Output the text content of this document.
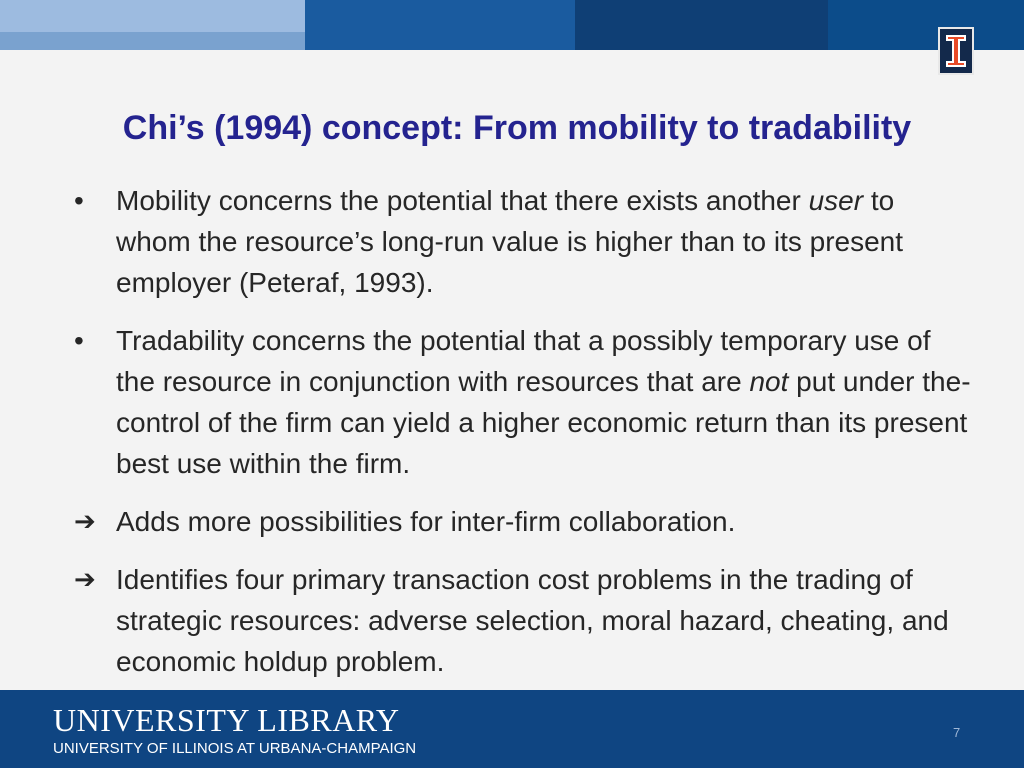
Chi’s (1994) concept: From mobility to tradability
•	Mobility concerns the potential that there exists another user to whom the resource’s long-run value is higher than to its present employer (Peteraf, 1993).
•	Tradability concerns the potential that a possibly temporary use of the resource in conjunction with resources that are not put under the-control of the firm can yield a higher economic return than its present best use within the firm.
➔ Adds more possibilities for inter-firm collaboration.
➔ Identifies four primary transaction cost problems in the trading of strategic resources: adverse selection, moral hazard, cheating, and economic holdup problem.
UNIVERSITY LIBRARY
UNIVERSITY OF ILLINOIS AT URBANA-CHAMPAIGN
7
